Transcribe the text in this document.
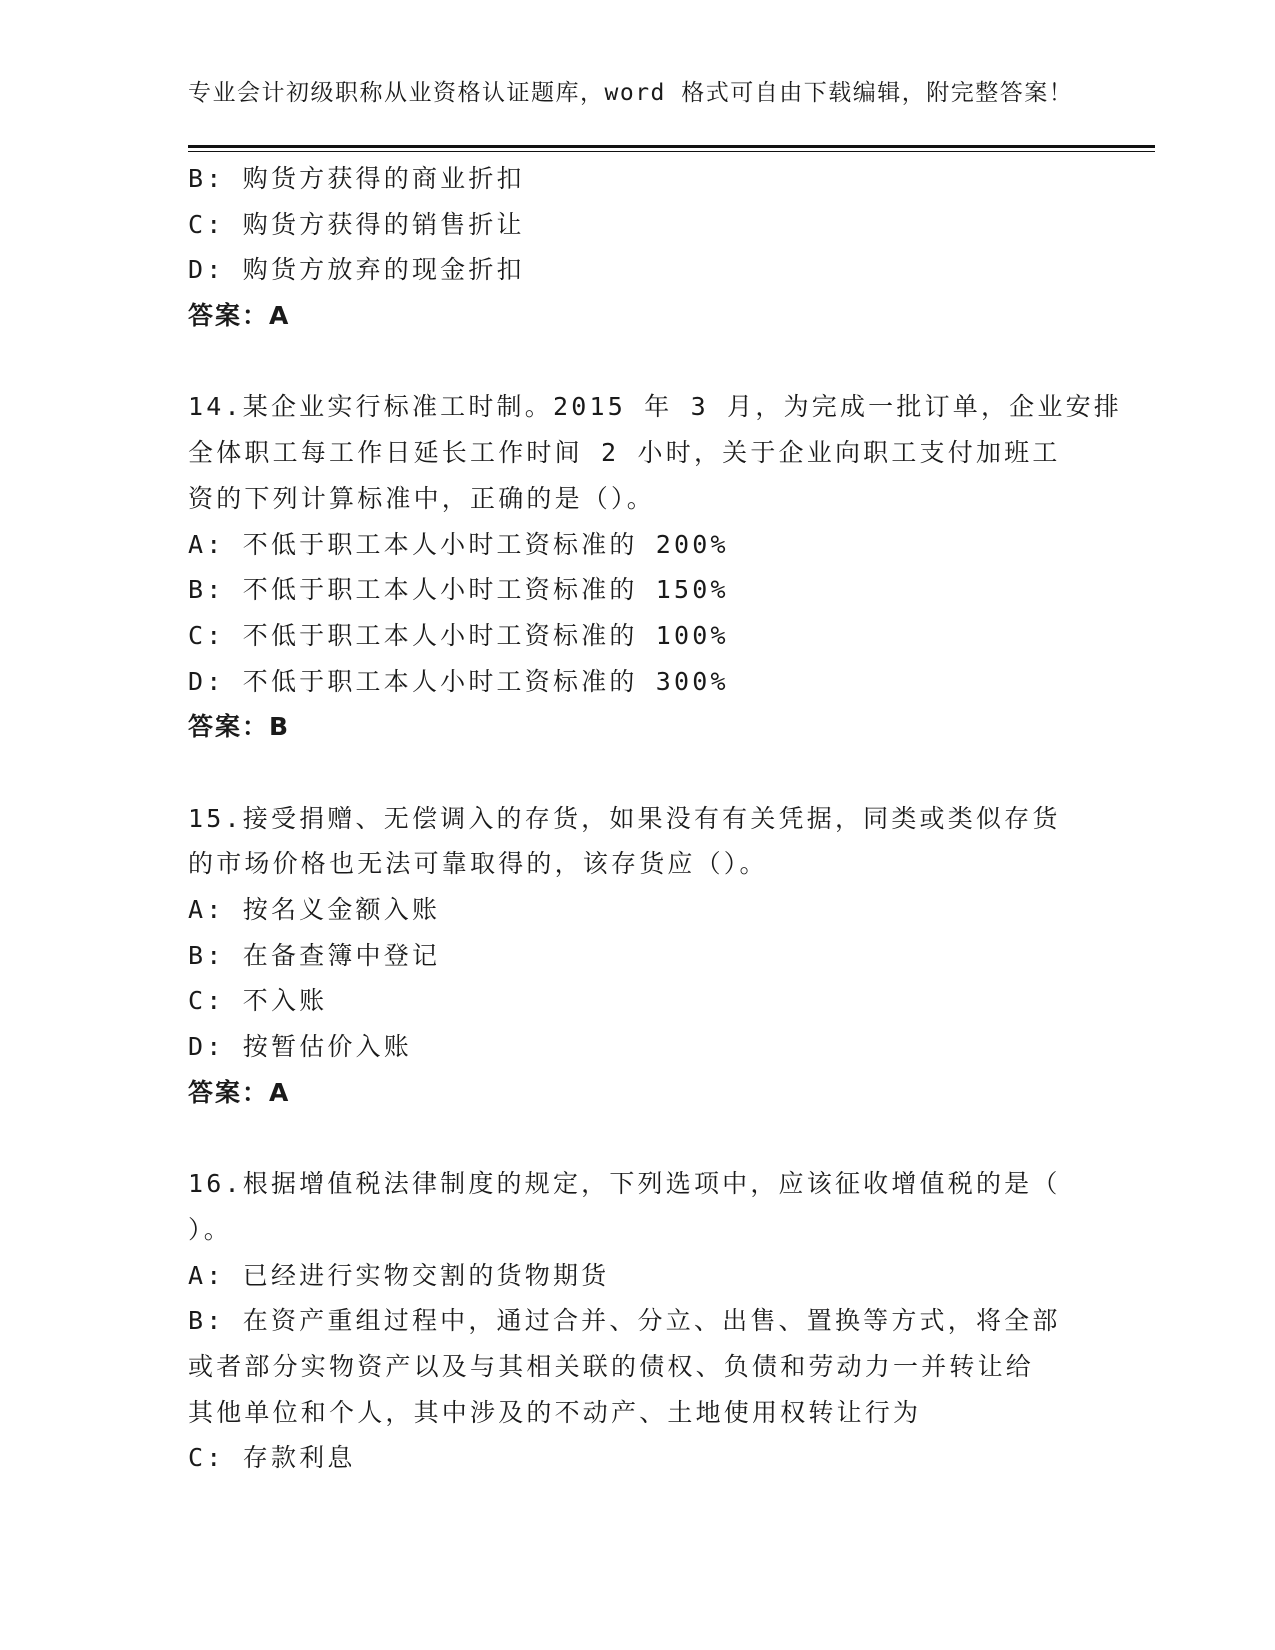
专业会计初级职称从业资格认证题库，word 格式可自由下载编辑，附完整答案！
B: 购货方获得的商业折扣
C: 购货方获得的销售折让
D: 购货方放弃的现金折扣
答案：A
14.某企业实行标准工时制。2015 年 3 月，为完成一批订单，企业安排
全体职工每工作日延长工作时间 2 小时，关于企业向职工支付加班工
资的下列计算标准中，正确的是（）。
A: 不低于职工本人小时工资标准的 200%
B: 不低于职工本人小时工资标准的 150%
C: 不低于职工本人小时工资标准的 100%
D: 不低于职工本人小时工资标准的 300%
答案：B
15.接受捐赠、无偿调入的存货，如果没有有关凭据，同类或类似存货
的市场价格也无法可靠取得的，该存货应（）。
A: 按名义金额入账
B: 在备查簿中登记
C: 不入账
D: 按暂估价入账
答案：A
16.根据增值税法律制度的规定，下列选项中，应该征收增值税的是（
）。
A: 已经进行实物交割的货物期货
B: 在资产重组过程中，通过合并、分立、出售、置换等方式，将全部
或者部分实物资产以及与其相关联的债权、负债和劳动力一并转让给
其他单位和个人，其中涉及的不动产、土地使用权转让行为
C: 存款利息
